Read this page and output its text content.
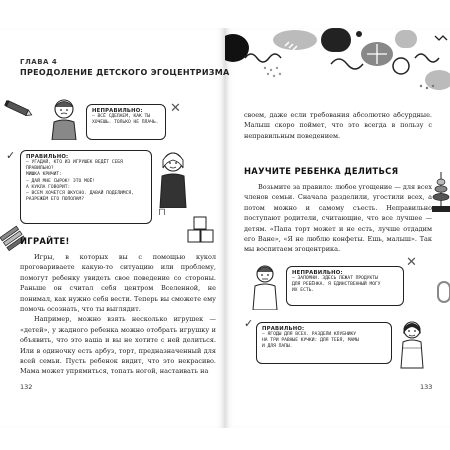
ГЛАВА 4
ПРЕОДОЛЕНИЕ ДЕТСКОГО ЭГОЦЕНТРИЗМА
НЕПРАВИЛЬНО:
– ВСЁ СДЕЛАЕМ, КАК ТЫ
ХОЧЕШЬ. ТОЛЬКО НЕ ПЛАЧЬ.
✕
✓ ПРАВИЛЬНО:
– УГАДАЙ, КТО ИЗ ИГРУШЕК ВЕДЁТ СЕБЯ ПРАВИЛЬНО?
МИШКА КРИЧИТ:
– ДАЙ МНЕ СЫРОК! ЭТО МОЁ!
А КУКЛА ГОВОРИТ:
– ВСЕМ ХОЧЕТСЯ ВКУСНО. ДАВАЙ ПОДЕЛИМСЯ,
РАЗРЕЖЕМ ЕГО ПОПОЛАМ?
⊓
ИГРАЙТЕ!

Игры, в которых вы с помощью кукол проговариваете какую-то ситуацию или проблему, помогут ребенку увидеть свое поведение со стороны. Раньше он считал себя центром Вселенной, не понимал, как нужно себя вести. Теперь вы сможете ему помочь осознать, что ты выглядит.

Например, можно взять несколько игрушек — «детей», у жадного ребенка можно отобрать игрушку и объявить, что это ваша и вы не хотите с ней делиться. Или в одиночку есть арбуз, торт, предназначенный для всей семьи. Пусть ребенок видит, что это некрасиво. Мама может упрямиться, топать ногой, настаивать на

132

своем, даже если требования абсолютно абсурдные. Малыш скоро поймет, что это всегда в пользу с неправильным поведением.

НАУЧИТЕ РЕБЕНКА ДЕЛИТЬСЯ

Возьмите за правило: любое угощение — для всех членов семьи. Сначала разделили, угостили всех, а потом можно и самому съесть. Неправильно поступают родители, считающие, что все лучшее — детям. «Папа торт может и не есть, лучше отдадим его Ване», «Я не люблю конфеты. Ешь, малыш». Так мы воспитаем эгоцентрика.

НЕПРАВИЛЬНО:
– ЗАПОМНИ. ЗДЕСЬ ЛЕЖАТ ПРОДУКТЫ
ДЛЯ РЕБЁНКА. Я ЕДИНСТВЕННЫЙ МОГУ
ИХ ЕСТЬ.
✕
✓ ПРАВИЛЬНО:
– ЯГОДЫ ДЛЯ ВСЕХ. РАЗДЕЛИ КЛУБНИКУ
НА ТРИ РАВНЫЕ КУЧКИ: ДЛЯ ТЕБЯ, МАМЫ
И ДЛЯ ПАПЫ.
133
